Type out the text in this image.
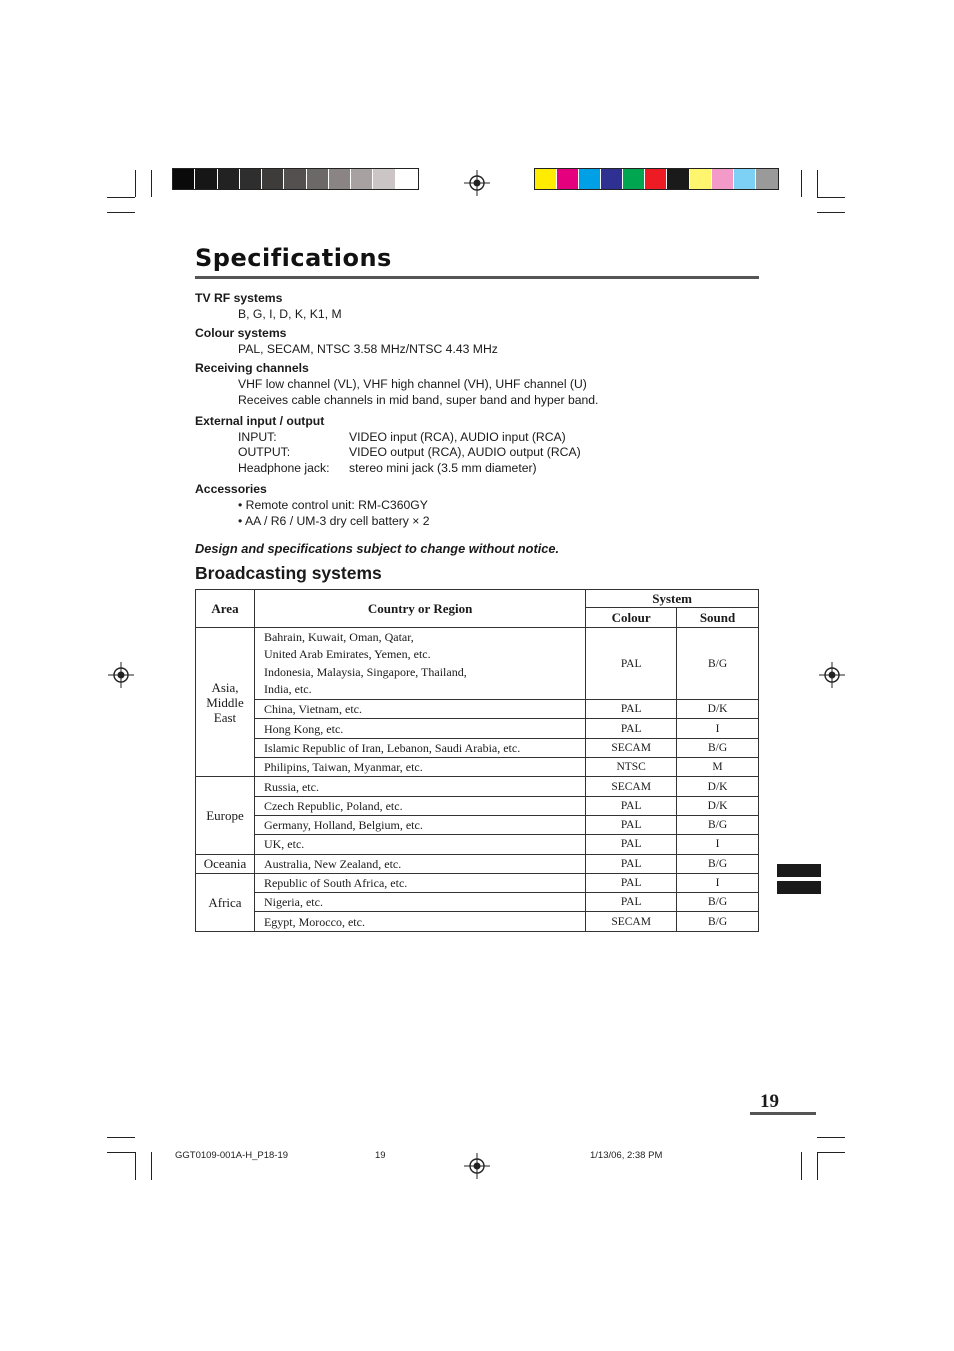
Specifications
TV RF systems
B, G, I, D, K, K1, M
Colour systems
PAL, SECAM, NTSC 3.58 MHz/NTSC 4.43 MHz
Receiving channels
VHF low channel (VL), VHF high channel (VH), UHF channel (U)
Receives cable channels in mid band, super band and hyper band.
External input / output
INPUT:	VIDEO input (RCA), AUDIO input (RCA)
OUTPUT:	VIDEO output (RCA), AUDIO output (RCA)
Headphone jack:	stereo mini jack (3.5 mm diameter)
Accessories
• Remote control unit: RM-C360GY
• AA / R6 / UM-3 dry cell battery × 2
Design and specifications subject to change without notice.
Broadcasting systems
Area	Country or Region	System	
		Colour	Sound
Asia, Middle East	Bahrain, Kuwait, Oman, Qatar,
United Arab Emirates, Yemen, etc.
Indonesia, Malaysia, Singapore, Thailand,
India, etc.	PAL	B/G
	China, Vietnam, etc.	PAL	D/K
	Hong Kong, etc.	PAL	I
	Islamic Republic of Iran, Lebanon, Saudi Arabia, etc.	SECAM	B/G
	Philipins, Taiwan, Myanmar, etc.	NTSC	M
Europe	Russia, etc.	SECAM	D/K
	Czech Republic, Poland, etc.	PAL	D/K
	Germany, Holland, Belgium, etc.	PAL	B/G
	UK, etc.	PAL	I
Oceania	Australia, New Zealand, etc.	PAL	B/G
Africa	Republic of South Africa, etc.	PAL	I
	Nigeria, etc.	PAL	B/G
	Egypt, Morocco, etc.	SECAM	B/G
19
GGT0109-001A-H_P18-19	19	1/13/06, 2:38 PM
